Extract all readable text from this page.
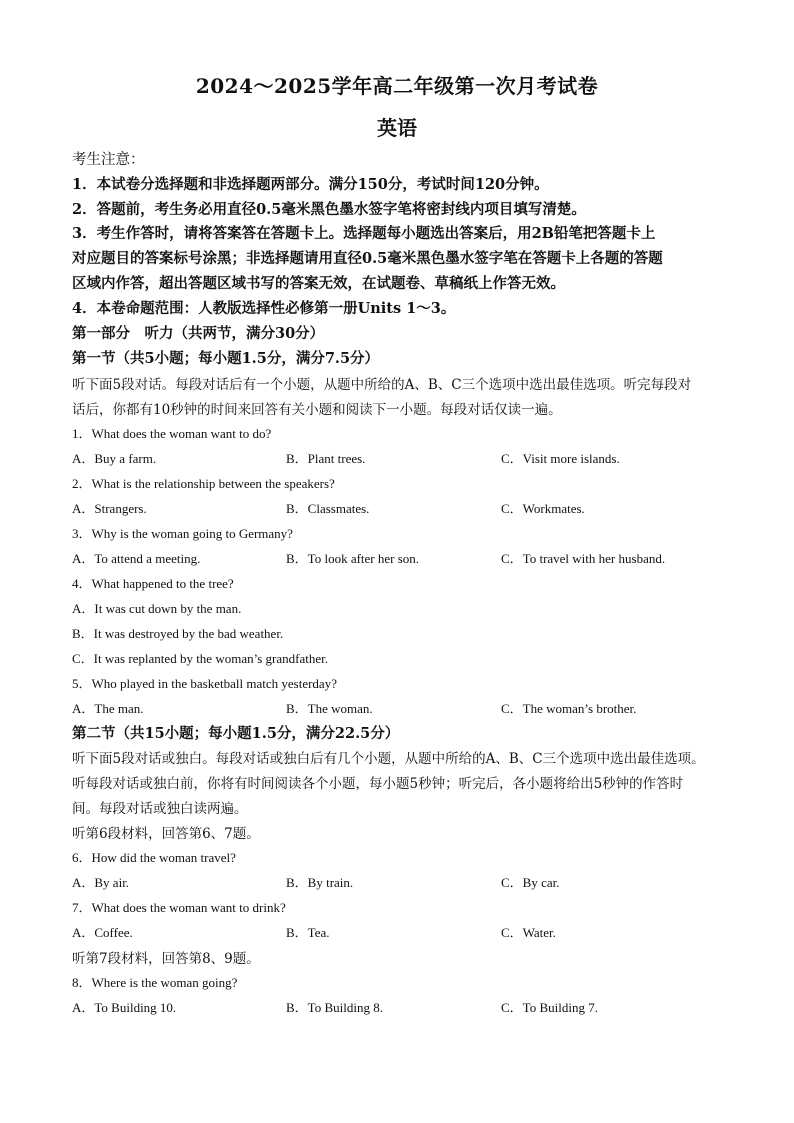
2024～2025学年高二年级第一次月考试卷
英语
考生注意：
1．本试卷分选择题和非选择题两部分。满分150分，考试时间120分钟。
2．答题前，考生务必用直径0.5毫米黑色墨水签字笔将密封线内项目填写清楚。
3．考生作答时，请将答案答在答题卡上。选择题每小题选出答案后，用2B铅笔把答题卡上
对应题目的答案标号涂黑；非选择题请用直径0.5毫米黑色墨水签字笔在答题卡上各题的答题
区域内作答，超出答题区域书写的答案无效，在试题卷、草稿纸上作答无效。
4．本卷命题范围：人教版选择性必修第一册Units 1～3。
第一部分　听力（共两节，满分30分）
第一节（共5小题；每小题1.5分，满分7.5分）
听下面5段对话。每段对话后有一个小题，从题中所给的A、B、C三个选项中选出最佳选项。听完每段对
话后，你都有10秒钟的时间来回答有关小题和阅读下一小题。每段对话仅读一遍。
1．What does the woman want to do?
A．Buy a farm.	B．Plant trees.	C．Visit more islands.
2．What is the relationship between the speakers?
A．Strangers.	B．Classmates.	C．Workmates.
3．Why is the woman going to Germany?
A．To attend a meeting.	B．To look after her son.	C．To travel with her husband.
4．What happened to the tree?
A．It was cut down by the man.
B．It was destroyed by the bad weather.
C．It was replanted by the woman’s grandfather.
5．Who played in the basketball match yesterday?
A．The man.	B．The woman.	C．The woman’s brother.
第二节（共15小题；每小题1.5分，满分22.5分）
听下面5段对话或独白。每段对话或独白后有几个小题，从题中所给的A、B、C三个选项中选出最佳选项。
听每段对话或独白前，你将有时间阅读各个小题，每小题5秒钟；听完后，各小题将给出5秒钟的作答时
间。每段对话或独白读两遍。
听第6段材料，回答第6、7题。
6．How did the woman travel?
A．By air.	B．By train.	C．By car.
7．What does the woman want to drink?
A．Coffee.	B．Tea.	C．Water.
听第7段材料，回答第8、9题。
8．Where is the woman going?
A．To Building 10.	B．To Building 8.	C．To Building 7.
